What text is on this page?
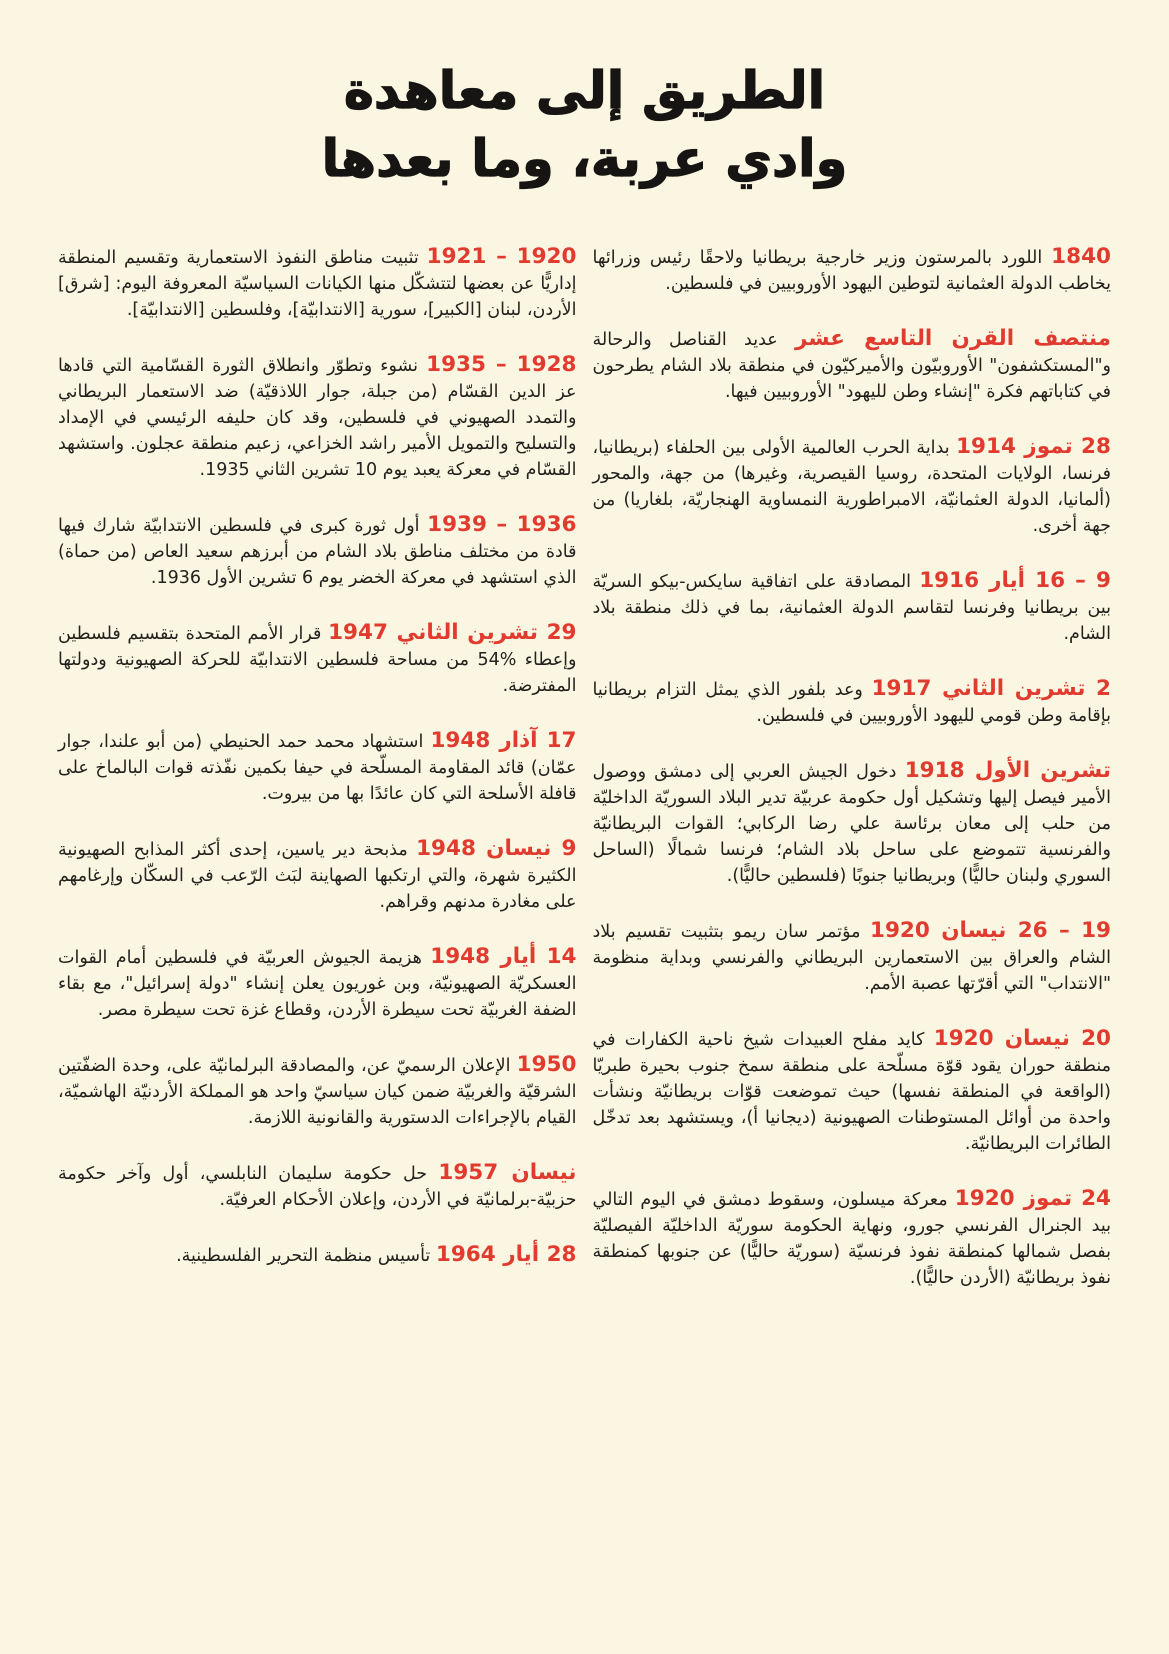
الطريق إلى معاهدة
وادي عربة، وما بعدها

1840 اللورد بالمرستون وزير خارجية بريطانيا ولاحقًا رئيس وزرائها يخاطب الدولة العثمانية لتوطين اليهود الأوروبيين في فلسطين.

منتصف القرن التاسع عشر عديد القناصل والرحالة و"المستكشفون" الأوروبيّون والأميركيّون في منطقة بلاد الشام يطرحون في كتاباتهم فكرة "إنشاء وطن لليهود" الأوروبيين فيها.

28 تموز 1914 بداية الحرب العالمية الأولى بين الحلفاء (بريطانيا، فرنسا، الولايات المتحدة، روسيا القيصرية، وغيرها) من جهة، والمحور (ألمانيا، الدولة العثمانيّة، الامبراطورية النمساوية الهنجاريّة، بلغاريا) من جهة أخرى.

9 – 16 أيار 1916 المصادقة على اتفاقية سايكس-بيكو السريّة بين بريطانيا وفرنسا لتقاسم الدولة العثمانية، بما في ذلك منطقة بلاد الشام.

2 تشرين الثاني 1917 وعد بلفور الذي يمثل التزام بريطانيا بإقامة وطن قومي لليهود الأوروبيين في فلسطين.

تشرين الأول 1918 دخول الجيش العربي إلى دمشق ووصول الأمير فيصل إليها وتشكيل أول حكومة عربيّة تدير البلاد السوريّة الداخليّة من حلب إلى معان برئاسة علي رضا الركابي؛ القوات البريطانيّة والفرنسية تتموضع على ساحل بلاد الشام؛ فرنسا شمالًا (الساحل السوري ولبنان حاليًّا) وبريطانيا جنوبًا (فلسطين حاليًّا).

19 – 26 نيسان 1920 مؤتمر سان ريمو بتثبيت تقسيم بلاد الشام والعراق بين الاستعمارين البريطاني والفرنسي وبداية منظومة "الانتداب" التي أقرّتها عصبة الأمم.

20 نيسان 1920 كايد مفلح العبيدات شيخ ناحية الكفارات في منطقة حوران يقود قوّة مسلّحة على منطقة سمخ جنوب بحيرة طبريّا (الواقعة في المنطقة نفسها) حيث تموضعت قوّات بريطانيّة ونشأت واحدة من أوائل المستوطنات الصهيونية (ديجانيا أ)، ويستشهد بعد تدخّل الطائرات البريطانيّة.

24 تموز 1920 معركة ميسلون، وسقوط دمشق في اليوم التالي بيد الجنرال الفرنسي جورو، ونهاية الحكومة سوريّة الداخليّة الفيصليّة بفصل شمالها كمنطقة نفوذ فرنسيّة (سوريّة حاليًّا) عن جنوبها كمنطقة نفوذ بريطانيّة (الأردن حاليًّا).

1920 – 1921 تثبيت مناطق النفوذ الاستعمارية وتقسيم المنطقة إداريًّا عن بعضها لتتشكّل منها الكيانات السياسيّة المعروفة اليوم: [شرق] الأردن، لبنان [الكبير]، سورية [الانتدابيّة]، وفلسطين [الانتدابيّة].

1928 – 1935 نشوء وتطوّر وانطلاق الثورة القسّامية التي قادها عز الدين القسّام (من جبلة، جوار اللاذقيّة) ضد الاستعمار البريطاني والتمدد الصهيوني في فلسطين، وقد كان حليفه الرئيسي في الإمداد والتسليح والتمويل الأمير راشد الخزاعي، زعيم منطقة عجلون. واستشهد القسّام في معركة يعبد يوم 10 تشرين الثاني 1935.

1936 – 1939 أول ثورة كبرى في فلسطين الانتدابيّة شارك فيها قادة من مختلف مناطق بلاد الشام من أبرزهم سعيد العاص (من حماة) الذي استشهد في معركة الخضر يوم 6 تشرين الأول 1936.

29 تشرين الثاني 1947 قرار الأمم المتحدة بتقسيم فلسطين وإعطاء %54 من مساحة فلسطين الانتدابيّة للحركة الصهيونية ودولتها المفترضة.

17 آذار 1948 استشهاد محمد حمد الحنيطي (من أبو علندا، جوار عمّان) قائد المقاومة المسلّحة في حيفا بكمين نفّذته قوات البالماخ على قافلة الأسلحة التي كان عائدًا بها من بيروت.

9 نيسان 1948 مذبحة دير ياسين، إحدى أكثر المذابح الصهيونية الكثيرة شهرة، والتي ارتكبها الصهاينة لبَث الرّعب في السكّان وإرغامهم على مغادرة مدنهم وقراهم.

14 أيار 1948 هزيمة الجيوش العربيّة في فلسطين أمام القوات العسكريّة الصهيونيّة، وبن غوريون يعلن إنشاء "دولة إسرائيل"، مع بقاء الضفة الغربيّة تحت سيطرة الأردن، وقطاع غزة تحت سيطرة مصر.

1950 الإعلان الرسميّ عن، والمصادقة البرلمانيّة على، وحدة الضفّتين الشرقيّة والغربيّة ضمن كيان سياسيّ واحد هو المملكة الأردنيّة الهاشميّة، القيام بالإجراءات الدستورية والقانونية اللازمة.

نيسان 1957 حل حكومة سليمان النابلسي، أول وآخر حكومة حزبيّة-برلمانيّة في الأردن، وإعلان الأحكام العرفيّة.

28 أيار 1964 تأسيس منظمة التحرير الفلسطينية.
